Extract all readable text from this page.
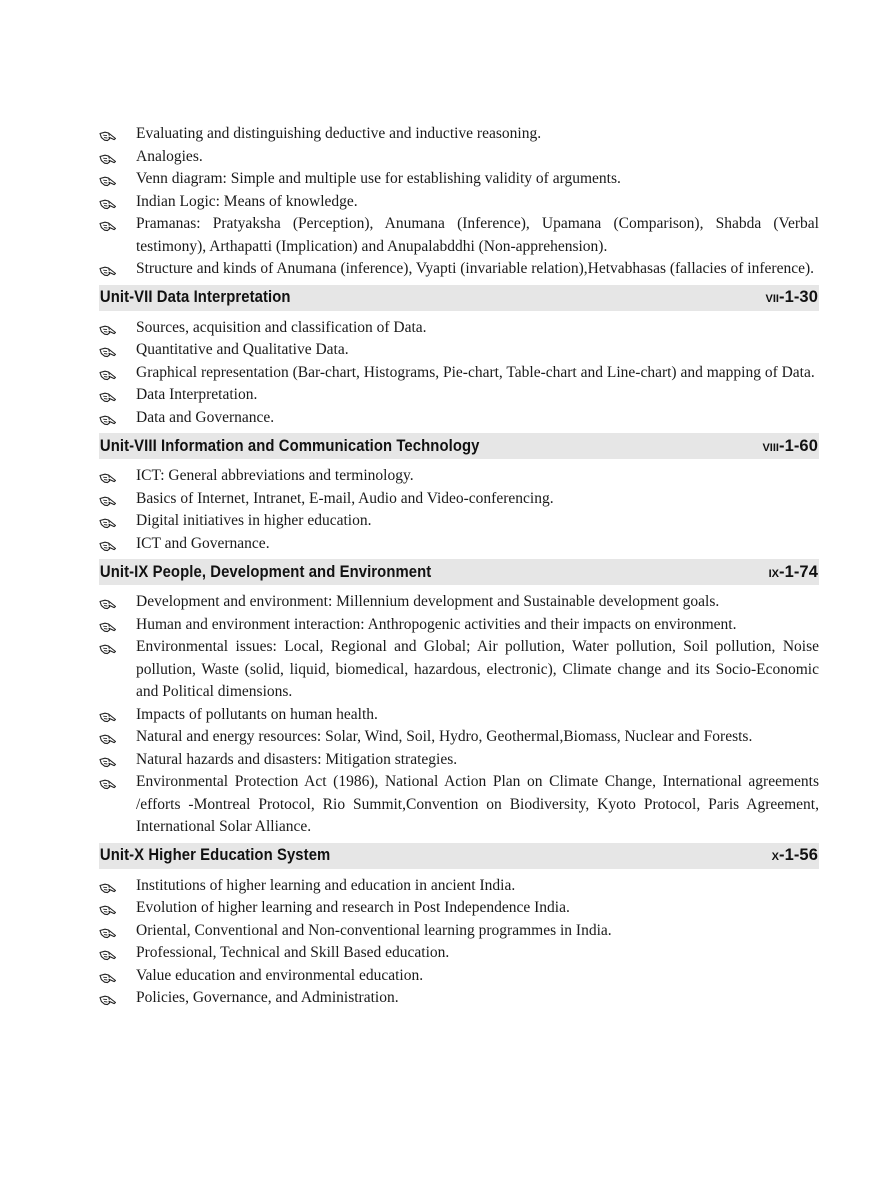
Evaluating and distinguishing deductive and inductive reasoning.
Analogies.
Venn diagram: Simple and multiple use for establishing validity of arguments.
Indian Logic: Means of knowledge.
Pramanas: Pratyaksha (Perception), Anumana (Inference), Upamana (Comparison), Shabda (Verbal testimony), Arthapatti (Implication) and Anupalabddhi (Non-apprehension).
Structure and kinds of Anumana (inference), Vyapti (invariable relation),Hetvabhasas (fallacies of inference).
Unit-VII Data Interpretation	VII-1-30
Sources, acquisition and classification of Data.
Quantitative and Qualitative Data.
Graphical representation (Bar-chart, Histograms, Pie-chart, Table-chart and Line-chart) and mapping of Data.
Data Interpretation.
Data and Governance.
Unit-VIII Information and Communication Technology	VIII-1-60
ICT: General abbreviations and terminology.
Basics of Internet, Intranet, E-mail, Audio and Video-conferencing.
Digital initiatives in higher education.
ICT and Governance.
Unit-IX People, Development and Environment	IX-1-74
Development and environment: Millennium development and Sustainable development goals.
Human and environment interaction: Anthropogenic activities and their impacts on environment.
Environmental issues: Local, Regional and Global; Air pollution, Water pollution, Soil pollution, Noise pollution, Waste (solid, liquid, biomedical, hazardous, electronic), Climate change and its Socio-Economic and Political dimensions.
Impacts of pollutants on human health.
Natural and energy resources: Solar, Wind, Soil, Hydro, Geothermal,Biomass, Nuclear and Forests.
Natural hazards and disasters: Mitigation strategies.
Environmental Protection Act (1986), National Action Plan on Climate Change, International agreements /efforts -Montreal Protocol, Rio Summit,Convention on Biodiversity, Kyoto Protocol, Paris Agreement, International Solar Alliance.
Unit-X Higher Education System	X-1-56
Institutions of higher learning and education in ancient India.
Evolution of higher learning and research in Post Independence India.
Oriental, Conventional and Non-conventional learning programmes in India.
Professional, Technical and Skill Based education.
Value education and environmental education.
Policies, Governance, and Administration.
